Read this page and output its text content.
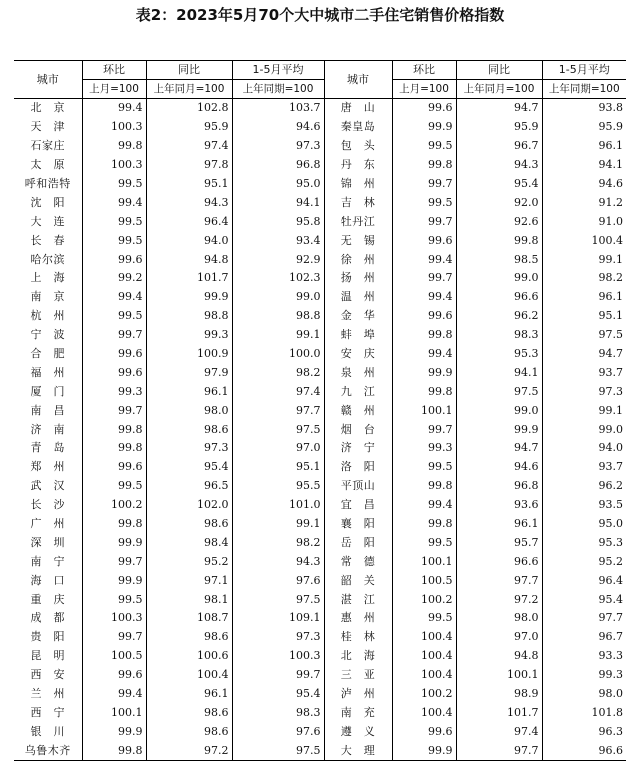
表2：2023年5月70个大中城市二手住宅销售价格指数
城市	环比	同比	1-5月平均	城市	环比	同比	1-5月平均
	上月=100	上年同月=100	上年同期=100		上月=100	上年同月=100	上年同期=100
北　京	99.4	102.8	103.7	唐　山	99.6	94.7	93.8
天　津	100.3	95.9	94.6	秦皇岛	99.9	95.9	95.9
石家庄	99.8	97.4	97.3	包　头	99.5	96.7	96.1
太　原	100.3	97.8	96.8	丹　东	99.8	94.3	94.1
呼和浩特	99.5	95.1	95.0	锦　州	99.7	95.4	94.6
沈　阳	99.4	94.3	94.1	吉　林	99.5	92.0	91.2
大　连	99.5	96.4	95.8	牡丹江	99.7	92.6	91.0
长　春	99.5	94.0	93.4	无　锡	99.6	99.8	100.4
哈尔滨	99.6	94.8	92.9	徐　州	99.4	98.5	99.1
上　海	99.2	101.7	102.3	扬　州	99.7	99.0	98.2
南　京	99.4	99.9	99.0	温　州	99.4	96.6	96.1
杭　州	99.5	98.8	98.8	金　华	99.6	96.2	95.1
宁　波	99.7	99.3	99.1	蚌　埠	99.8	98.3	97.5
合　肥	99.6	100.9	100.0	安　庆	99.4	95.3	94.7
福　州	99.6	97.9	98.2	泉　州	99.9	94.1	93.7
厦　门	99.3	96.1	97.4	九　江	99.8	97.5	97.3
南　昌	99.7	98.0	97.7	赣　州	100.1	99.0	99.1
济　南	99.8	98.6	97.5	烟　台	99.7	99.9	99.0
青　岛	99.8	97.3	97.0	济　宁	99.3	94.7	94.0
郑　州	99.6	95.4	95.1	洛　阳	99.5	94.6	93.7
武　汉	99.5	96.5	95.5	平顶山	99.8	96.8	96.2
长　沙	100.2	102.0	101.0	宜　昌	99.4	93.6	93.5
广　州	99.8	98.6	99.1	襄　阳	99.8	96.1	95.0
深　圳	99.9	98.4	98.2	岳　阳	99.5	95.7	95.3
南　宁	99.7	95.2	94.3	常　德	100.1	96.6	95.2
海　口	99.9	97.1	97.6	韶　关	100.5	97.7	96.4
重　庆	99.5	98.1	97.5	湛　江	100.2	97.2	95.4
成　都	100.3	108.7	109.1	惠　州	99.5	98.0	97.7
贵　阳	99.7	98.6	97.3	桂　林	100.4	97.0	96.7
昆　明	100.5	100.6	100.3	北　海	100.4	94.8	93.3
西　安	99.6	100.4	99.7	三　亚	100.4	100.1	99.3
兰　州	99.4	96.1	95.4	泸　州	100.2	98.9	98.0
西　宁	100.1	98.6	98.3	南　充	100.4	101.7	101.8
银　川	99.9	98.6	97.6	遵　义	99.6	97.4	96.3
乌鲁木齐	99.8	97.2	97.5	大　理	99.9	97.7	96.6
